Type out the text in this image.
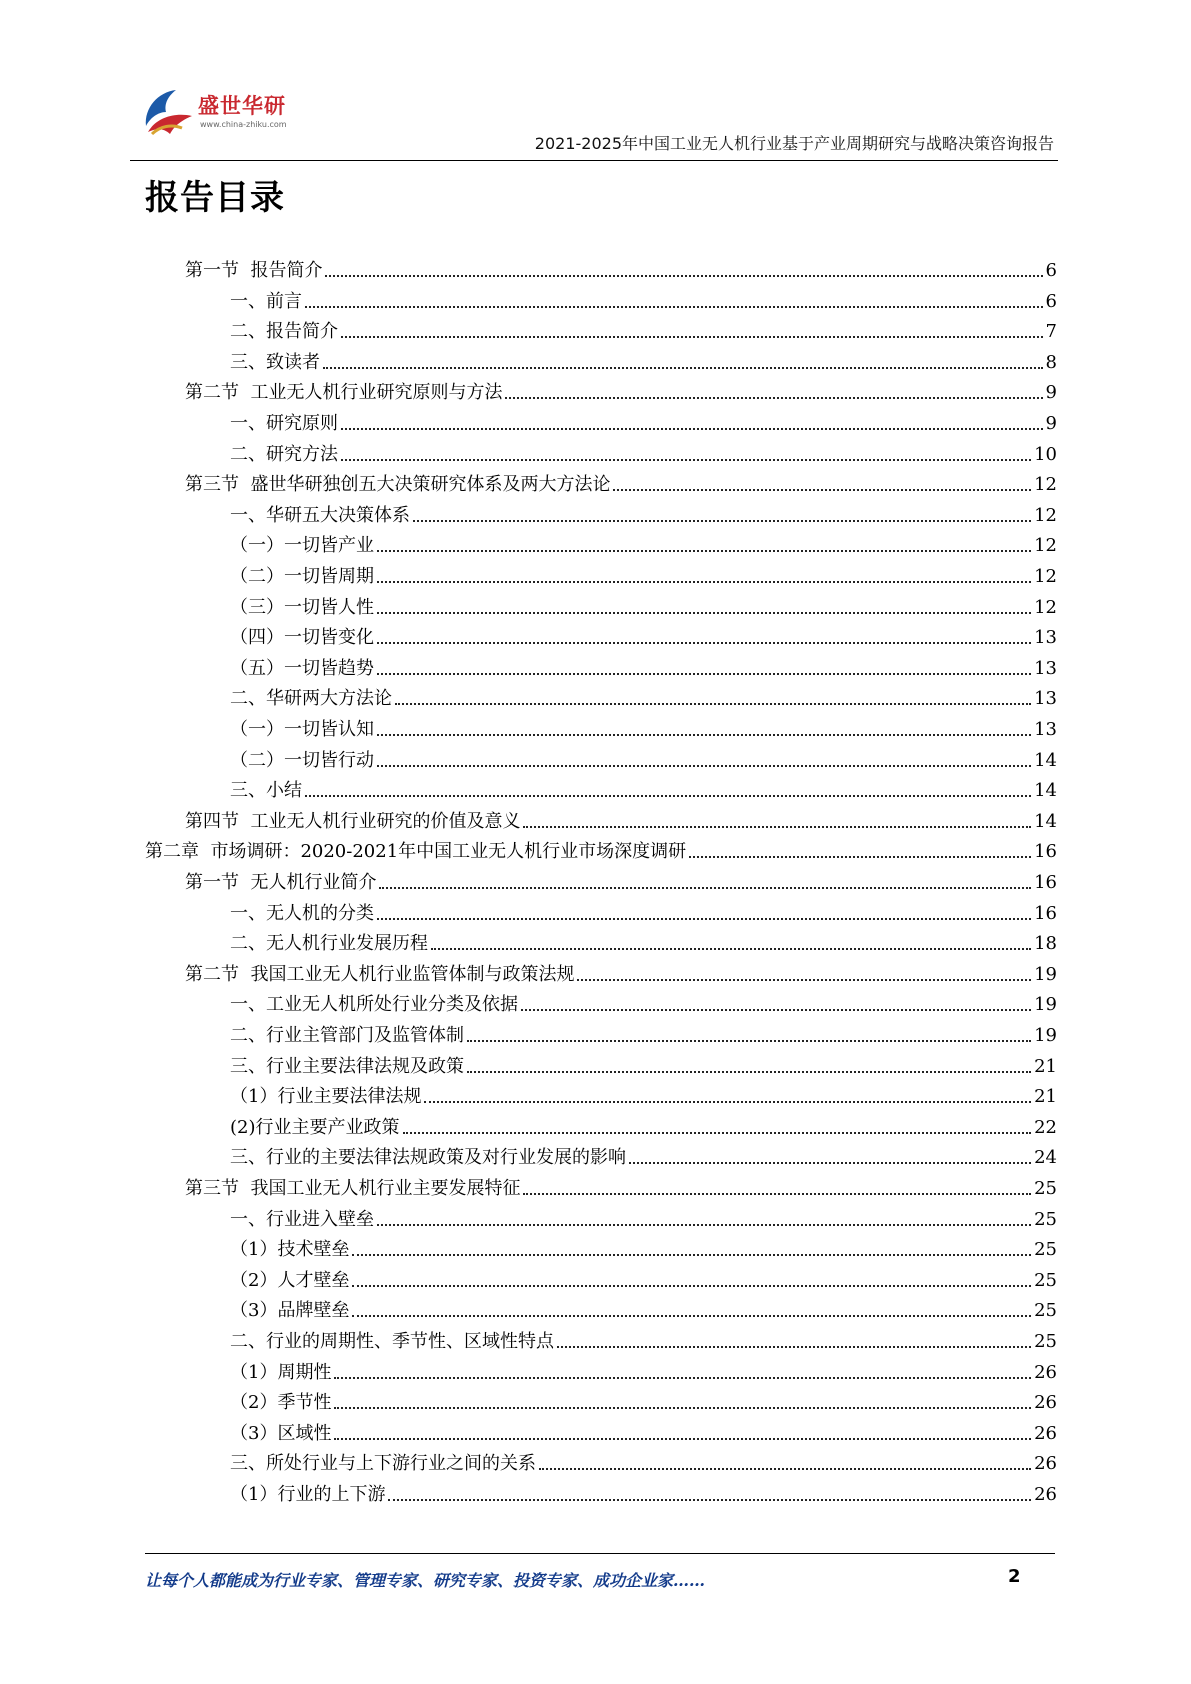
盛世华研
www.china-zhiku.com
2021-2025年中国工业无人机行业基于产业周期研究与战略决策咨询报告
报告目录
第一节  报告简介	6
一、前言	6
二、报告简介	7
三、致读者	8
第二节  工业无人机行业研究原则与方法	9
一、研究原则	9
二、研究方法	10
第三节  盛世华研独创五大决策研究体系及两大方法论	12
一、华研五大决策体系	12
（一）一切皆产业	12
（二）一切皆周期	12
（三）一切皆人性	12
（四）一切皆变化	13
（五）一切皆趋势	13
二、华研两大方法论	13
（一）一切皆认知	13
（二）一切皆行动	14
三、小结	14
第四节  工业无人机行业研究的价值及意义	14
第二章  市场调研：2020-2021年中国工业无人机行业市场深度调研	16
第一节  无人机行业简介	16
一、无人机的分类	16
二、无人机行业发展历程	18
第二节  我国工业无人机行业监管体制与政策法规	19
一、工业无人机所处行业分类及依据	19
二、行业主管部门及监管体制	19
三、行业主要法律法规及政策	21
（1）行业主要法律法规	21
(2)行业主要产业政策	22
三、行业的主要法律法规政策及对行业发展的影响	24
第三节  我国工业无人机行业主要发展特征	25
一、行业进入壁垒	25
（1）技术壁垒	25
（2）人才壁垒	25
（3）品牌壁垒	25
二、行业的周期性、季节性、区域性特点	25
（1）周期性	26
（2）季节性	26
（3）区域性	26
三、所处行业与上下游行业之间的关系	26
（1）行业的上下游	26
让每个人都能成为行业专家、管理专家、研究专家、投资专家、成功企业家……	2
